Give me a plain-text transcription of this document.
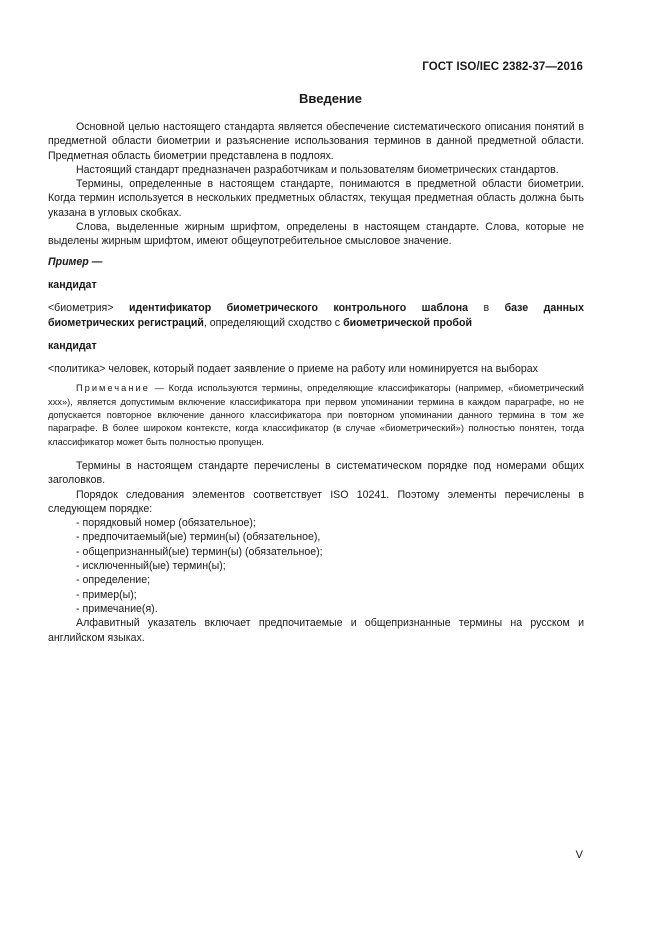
ГОСТ ISO/IEC 2382-37—2016
Введение

Основной целью настоящего стандарта является обеспечение систематического описания понятий в предметной области биометрии и разъяснение использования терминов в данной предметной области. Предметная область биометрии представлена в подлоях.

Настоящий стандарт предназначен разработчикам и пользователям биометрических стандартов.

Термины, определенные в настоящем стандарте, понимаются в предметной области биометрии. Когда термин используется в нескольких предметных областях, текущая предметная область должна быть указана в угловых скобках.

Слова, выделенные жирным шрифтом, определены в настоящем стандарте. Слова, которые не выделены жирным шрифтом, имеют общеупотребительное смысловое значение.

Пример —

кандидат

<биометрия> идентификатор биометрического контрольного шаблона в базе данных биометрических регистраций, определяющий сходство с биометрической пробой

кандидат

<политика> человек, который подает заявление о приеме на работу или номинируется на выборах

Примечание — Когда используются термины, определяющие классификаторы (например, «биометрический xxx»), является допустимым включение классификатора при первом упоминании термина в каждом параграфе, но не допускается повторное включение данного классификатора при повторном упоминании данного термина в том же параграфе. В более широком контексте, когда классификатор (в случае «биометрический») полностью понятен, тогда классификатор может быть полностью пропущен.

Термины в настоящем стандарте перечислены в систематическом порядке под номерами общих заголовков.

Порядок следования элементов соответствует ISO 10241. Поэтому элементы перечислены в следующем порядке:

- порядковый номер (обязательное);
- предпочитаемый(ые) термин(ы) (обязательное),
- общепризнанный(ые) термин(ы) (обязательное);
- исключенный(ые) термин(ы);
- определение;
- пример(ы);
- примечание(я).

Алфавитный указатель включает предпочитаемые и общепризнанные термины на русском и английском языках.

V
